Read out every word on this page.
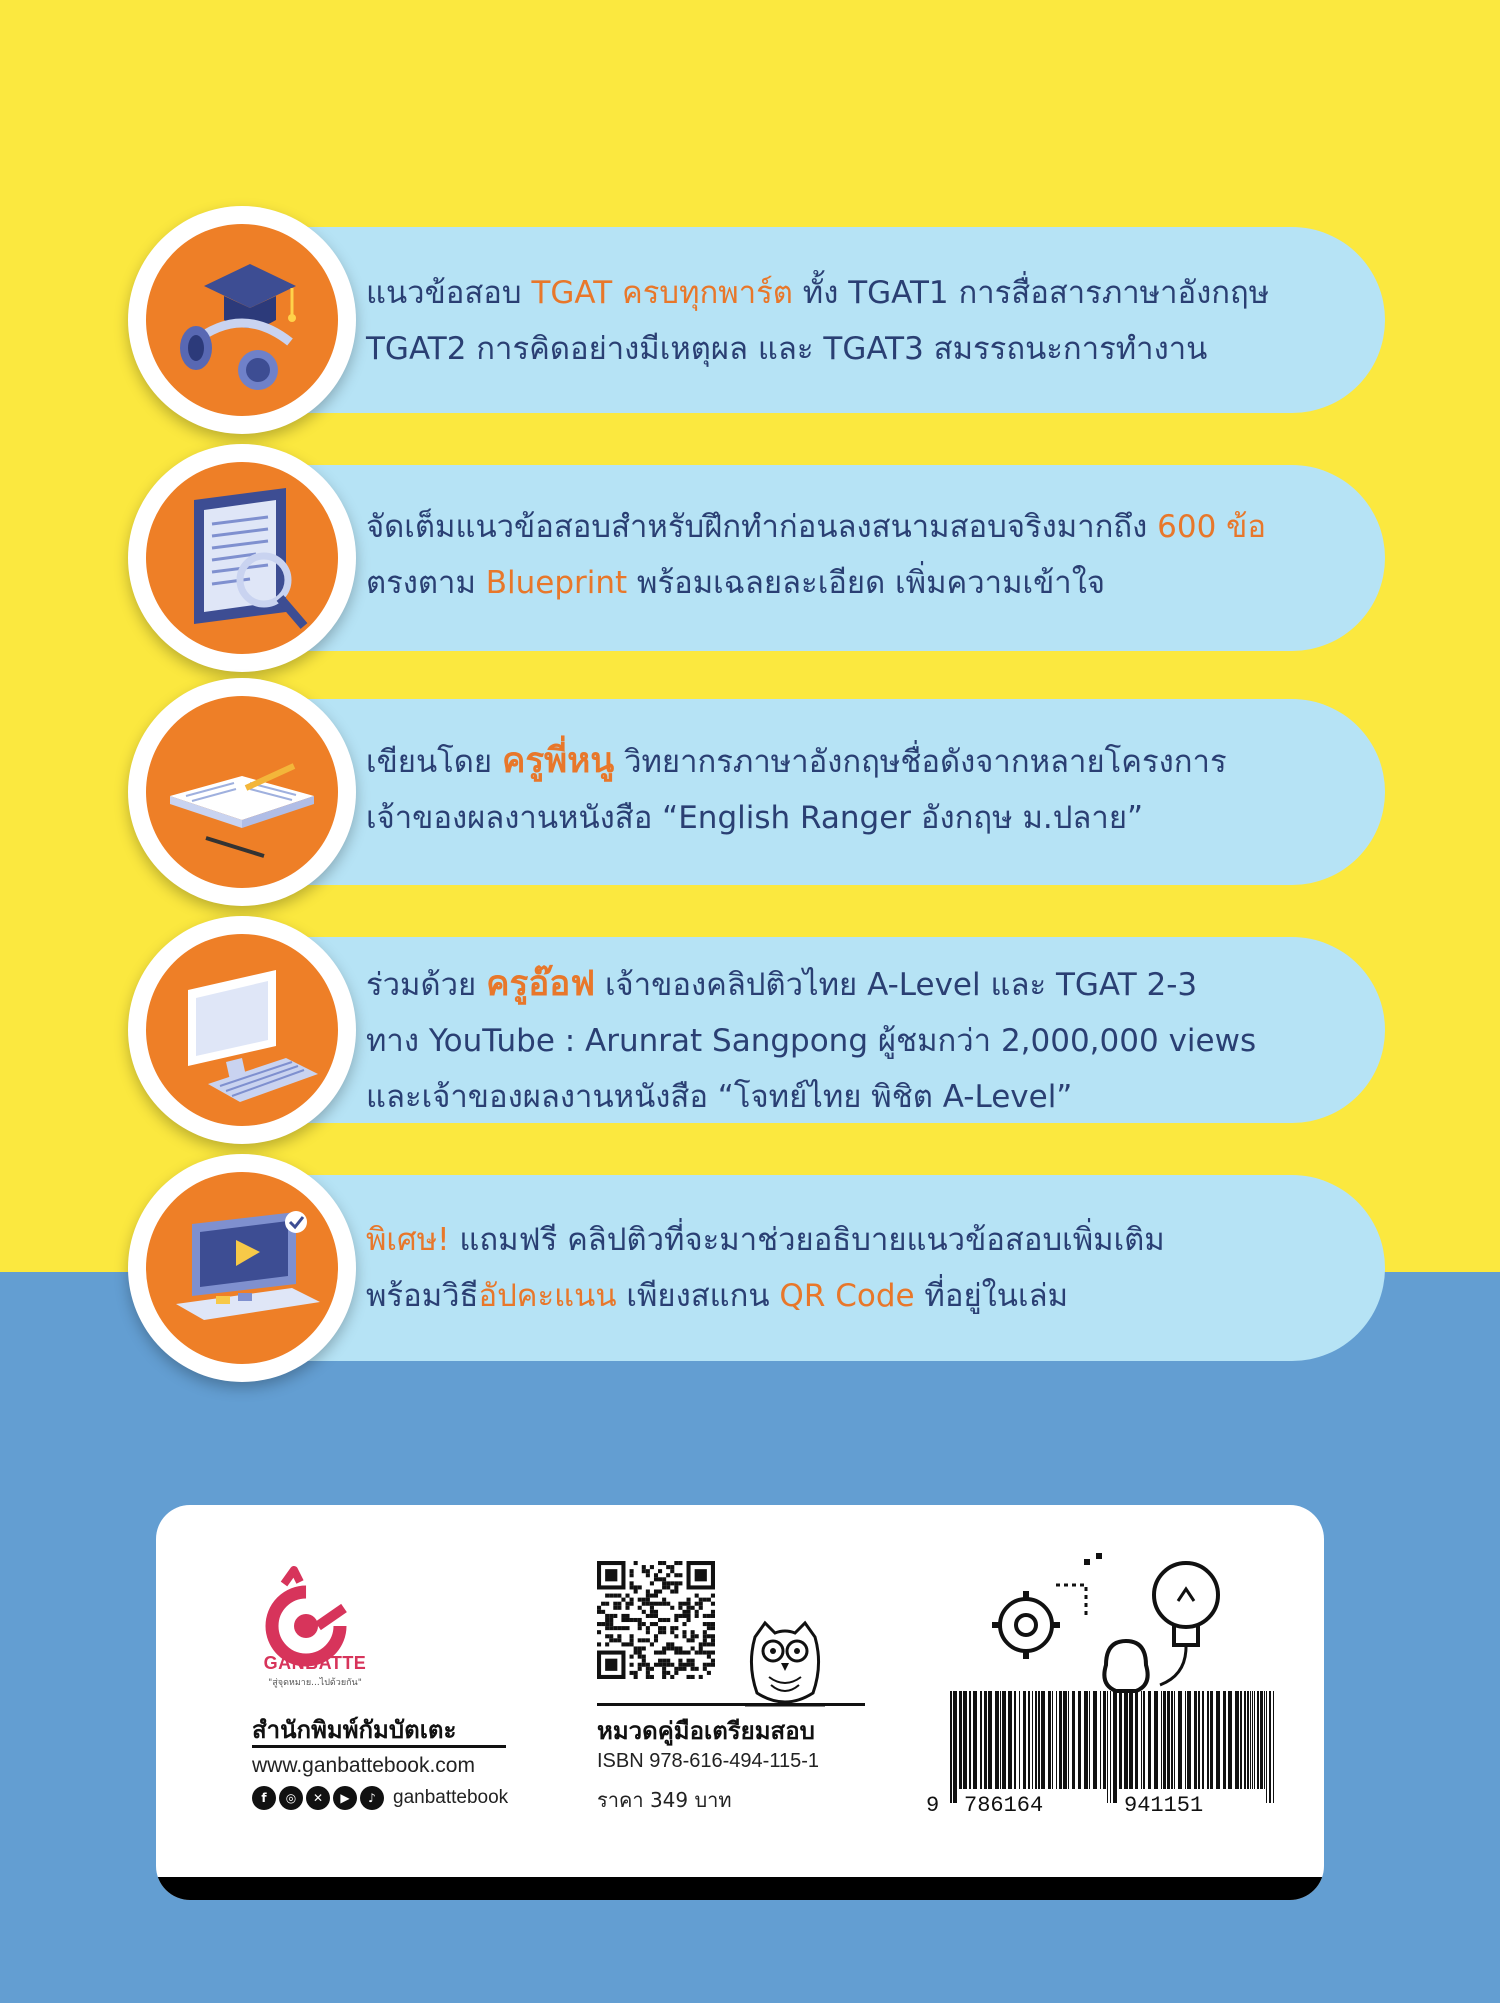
แนวข้อสอบ TGAT ครบทุกพาร์ต ทั้ง TGAT1 การสื่อสารภาษาอังกฤษ
TGAT2 การคิดอย่างมีเหตุผล และ TGAT3 สมรรถนะการทำงาน
จัดเต็มแนวข้อสอบสำหรับฝึกทำก่อนลงสนามสอบจริงมากถึง 600 ข้อ
ตรงตาม Blueprint พร้อมเฉลยละเอียด เพิ่มความเข้าใจ
เขียนโดย ครูพี่หนู วิทยากรภาษาอังกฤษชื่อดังจากหลายโครงการ
เจ้าของผลงานหนังสือ “English Ranger อังกฤษ ม.ปลาย”
ร่วมด้วย ครูอ๊อฟ เจ้าของคลิปติวไทย A-Level และ TGAT 2-3
ทาง YouTube : Arunrat Sangpong ผู้ชมกว่า 2,000,000 views
และเจ้าของผลงานหนังสือ “โจทย์ไทย พิชิต A-Level”
พิเศษ! แถมฟรี คลิปติวที่จะมาช่วยอธิบายแนวข้อสอบเพิ่มเติม
พร้อมวิธีอัปคะแนน เพียงสแกน QR Code ที่อยู่ในเล่ม
GANBATTE
"สู่จุดหมาย...ไปด้วยกัน"
สำนักพิมพ์กัมบัตเตะ
www.ganbattebook.com
f	◎	✕	▶	♪ ganbattebook
หมวดคู่มือเตรียมสอบ
ISBN 978-616-494-115-1
ราคา 349 บาท	9 786164	941151
